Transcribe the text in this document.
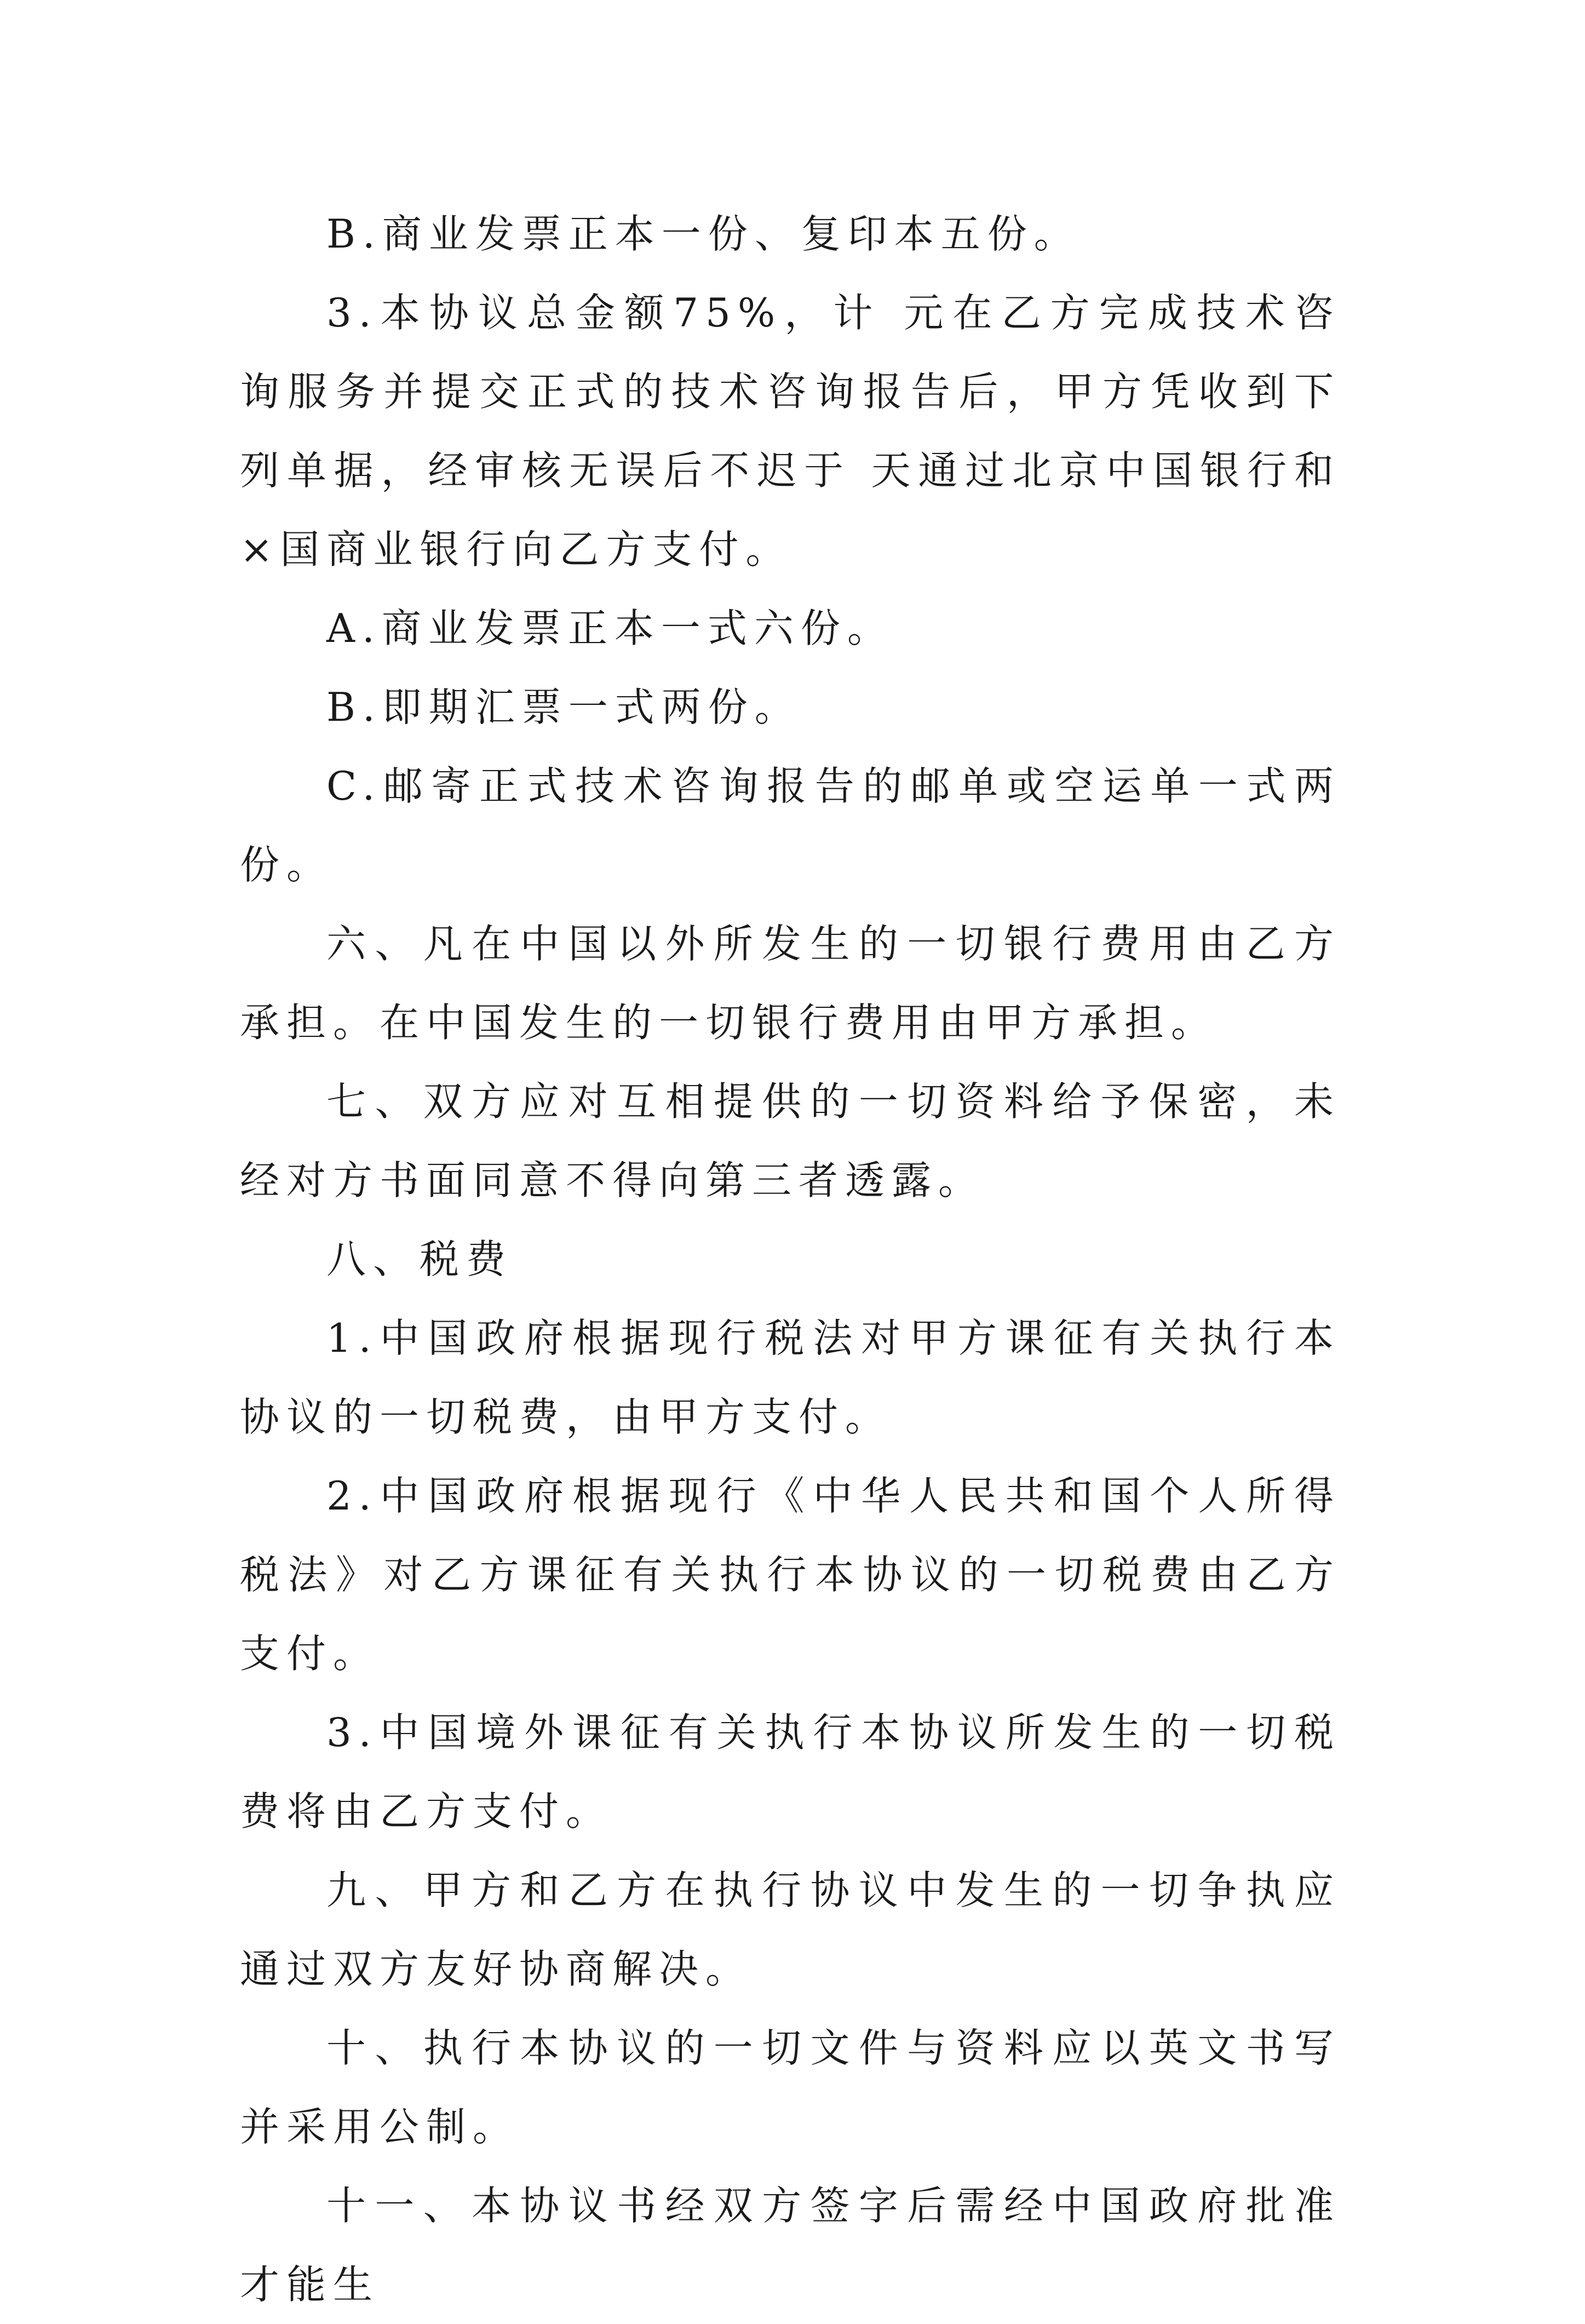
B.商业发票正本一份、复印本五份。

3.本协议总金额75%，计 元在乙方完成技术咨询服务并提交正式的技术咨询报告后，甲方凭收到下列单据，经审核无误后不迟于 天通过北京中国银行和×国商业银行向乙方支付。

A.商业发票正本一式六份。

B.即期汇票一式两份。

C.邮寄正式技术咨询报告的邮单或空运单一式两份。

六、凡在中国以外所发生的一切银行费用由乙方承担。在中国发生的一切银行费用由甲方承担。

七、双方应对互相提供的一切资料给予保密，未经对方书面同意不得向第三者透露。

八、税费

1.中国政府根据现行税法对甲方课征有关执行本协议的一切税费，由甲方支付。

2.中国政府根据现行《中华人民共和国个人所得税法》对乙方课征有关执行本协议的一切税费由乙方支付。

3.中国境外课征有关执行本协议所发生的一切税费将由乙方支付。

九、甲方和乙方在执行协议中发生的一切争执应通过双方友好协商解决。

十、执行本协议的一切文件与资料应以英文书写并采用公制。

十一、本协议书经双方签字后需经中国政府批准才能生
